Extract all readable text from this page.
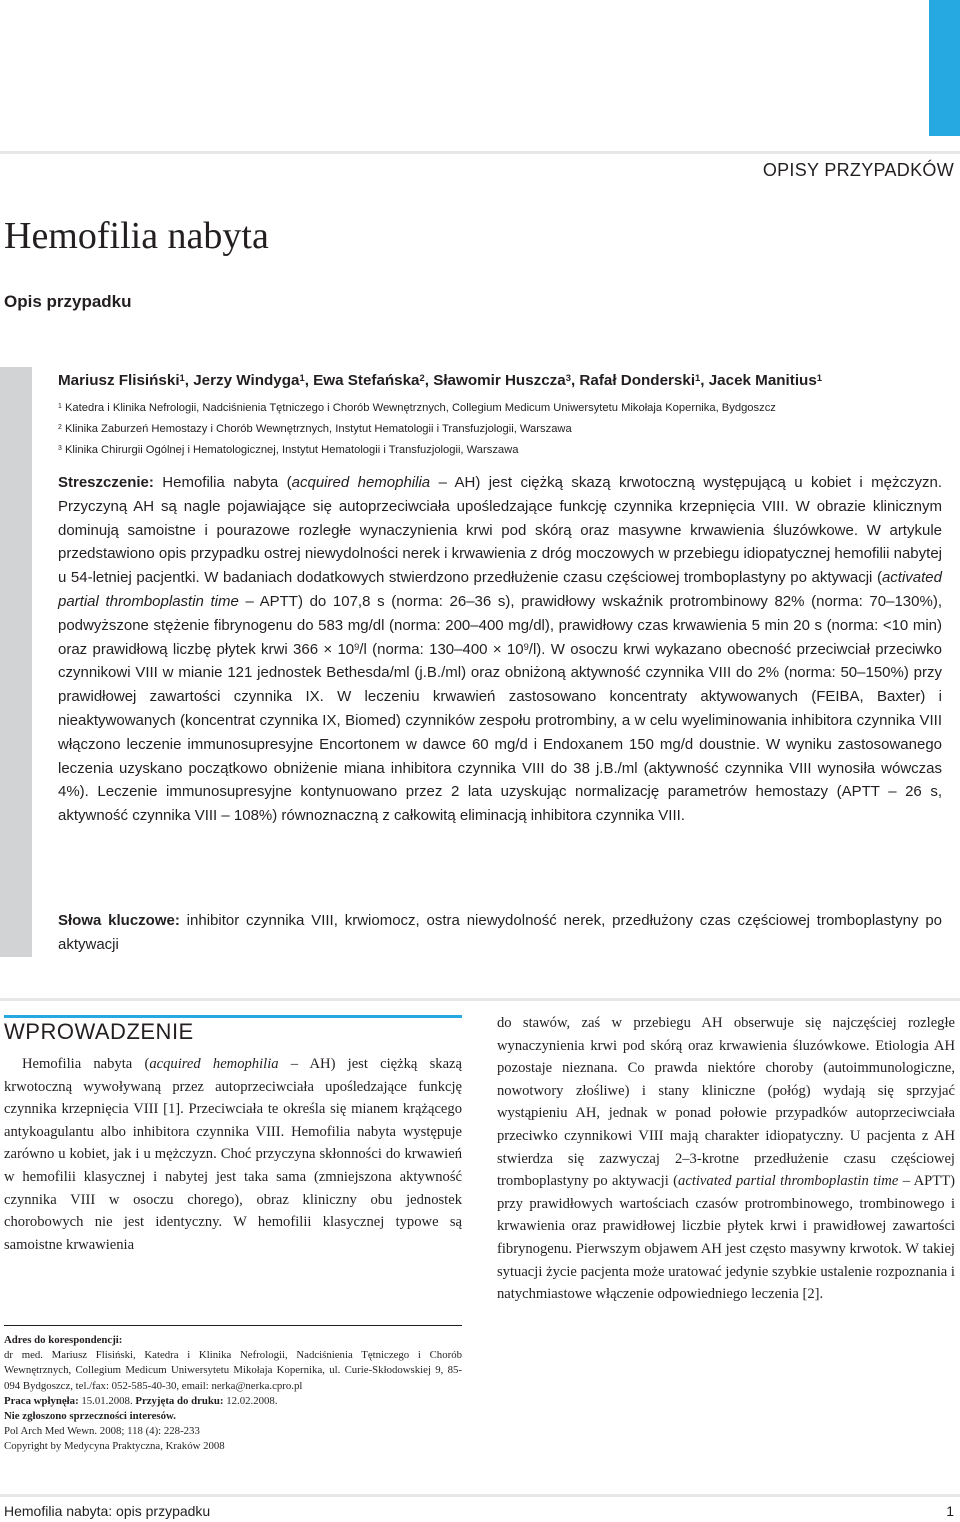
OPISY PRZYPADKÓW
Hemofilia nabyta
Opis przypadku
Mariusz Flisiński$^1$, Jerzy Windyga$^1$, Ewa Stefańska$^2$, Sławomir Huszcza$^3$, Rafał Donderski$^1$, Jacek Manitius$^1$
$^1$ Katedra i Klinika Nefrologii, Nadciśnienia Tętniczego i Chorób Wewnętrznych, Collegium Medicum Uniwersytetu Mikołaja Kopernika, Bydgoszcz
$^2$ Klinika Zaburzeń Hemostazy i Chorób Wewnętrznych, Instytut Hematologii i Transfuzjologii, Warszawa
$^3$ Klinika Chirurgii Ogólnej i Hematologicznej, Instytut Hematologii i Transfuzjologii, Warszawa

Streszczenie: Hemofilia nabyta (acquired hemophilia – AH) jest ciężką skazą krwotoczną występującą u kobiet i mężczyzn. Przyczyną AH są nagle pojawiające się autoprzeciwciała upośledzające funkcję czynnika krzepnięcia VIII. W obrazie klinicznym dominują samoistne i pourazowe rozległe wynaczynienia krwi pod skórą oraz masywne krwawienia śluzówkowe. W artykule przedstawiono opis przypadku ostrej niewydolności nerek i krwawienia z dróg moczowych w przebiegu idiopatycznej hemofilii nabytej u 54-letniej pacjentki. W badaniach dodatkowych stwierdzono przedłużenie czasu częściowej tromboplastyny po aktywacji (activated partial thromboplastin time – APTT) do 107,8 s (norma: 26–36 s), prawidłowy wskaźnik protrombinowy 82% (norma: 70–130%), podwyższone stężenie fibrynogenu do 583 mg/dl (norma: 200–400 mg/dl), prawidłowy czas krwawienia 5 min 20 s (norma: <10 min) oraz prawidłową liczbę płytek krwi $366 \times 10^9/l$ (norma: $130-400 \times 10^9/l$). W osoczu krwi wykazano obecność przeciwciał przeciwko czynnikowi VIII w mianie 121 jednostek Bethesda/ml (j.B./ml) oraz obniżoną aktywność czynnika VIII do 2% (norma: 50–150%) przy prawidłowej zawartości czynnika IX. W leczeniu krwawień zastosowano koncentraty aktywowanych (FEIBA, Baxter) i nieaktywowanych (koncentrat czynnika IX, Biomed) czynników zespołu protrombiny, a w celu wyeliminowania inhibitora czynnika VIII włączono leczenie immunosupresyjne Encortonem w dawce 60 mg/d i Endoxanem 150 mg/d doustnie. W wyniku zastosowanego leczenia uzyskano początkowo obniżenie miana inhibitora czynnika VIII do 38 j.B./ml (aktywność czynnika VIII wynosiła wówczas 4%). Leczenie immunosupresyjne kontynuowano przez 2 lata uzyskując normalizację parametrów hemostazy (APTT – 26 s, aktywność czynnika VIII – 108%) równoznaczną z całkowitą eliminacją inhibitora czynnika VIII.

Słowa kluczowe: inhibitor czynnika VIII, krwiomocz, ostra niewydolność nerek, przedłużony czas częściowej tromboplastyny po aktywacji

WPROWADZENIE

Hemofilia nabyta (acquired hemophilia – AH) jest ciężką skazą krwotoczną wywoływaną przez autoprzeciwciała upośledzające funkcję czynnika krzepnięcia VIII [1]. Przeciwciała te określa się mianem krążącego antykoagulantu albo inhibitora czynnika VIII. Hemofilia nabyta występuje zarówno u kobiet, jak i u mężczyzn. Choć przyczyna skłonności do krwawień w hemofilii klasycznej i nabytej jest taka sama (zmniejszona aktywność czynnika VIII w osoczu chorego), obraz kliniczny obu jednostek chorobowych nie jest identyczny. W hemofilii klasycznej typowe są samoistne krwawienia

do stawów, zaś w przebiegu AH obserwuje się najczęściej rozległe wynaczynienia krwi pod skórą oraz krwawienia śluzówkowe. Etiologia AH pozostaje nieznana. Co prawda niektóre choroby (autoimmunologiczne, nowotwory złośliwe) i stany kliniczne (połóg) wydają się sprzyjać wystąpieniu AH, jednak w ponad połowie przypadków autoprzeciwciała przeciwko czynnikowi VIII mają charakter idiopatyczny. U pacjenta z AH stwierdza się zazwyczaj 2–3-krotne przedłużenie czasu częściowej tromboplastyny po aktywacji (activated partial thromboplastin time – APTT) przy prawidłowych wartościach czasów protrombinowego, trombinowego i krwawienia oraz prawidłowej liczbie płytek krwi i prawidłowej zawartości fibrynogenu. Pierwszym objawem AH jest często masywny krwotok. W takiej sytuacji życie pacjenta może uratować jedynie szybkie ustalenie rozpoznania i natychmiastowe włączenie odpowiedniego leczenia [2].

Adres do korespondencji:
dr med. Mariusz Flisiński, Katedra i Klinika Nefrologii, Nadciśnienia Tętniczego i Chorób Wewnętrznych, Collegium Medicum Uniwersytetu Mikołaja Kopernika, ul. Curie-Skłodowskiej 9, 85-094 Bydgoszcz, tel./fax: 052-585-40-30, email: nerka@nerka.cpro.pl
Praca wpłynęła: 15.01.2008. Przyjęta do druku: 12.02.2008.
Nie zgłoszono sprzeczności interesów.
Pol Arch Med Wewn. 2008; 118 (4): 228-233
Copyright by Medycyna Praktyczna, Kraków 2008
Hemofilia nabyta: opis przypadku	1
